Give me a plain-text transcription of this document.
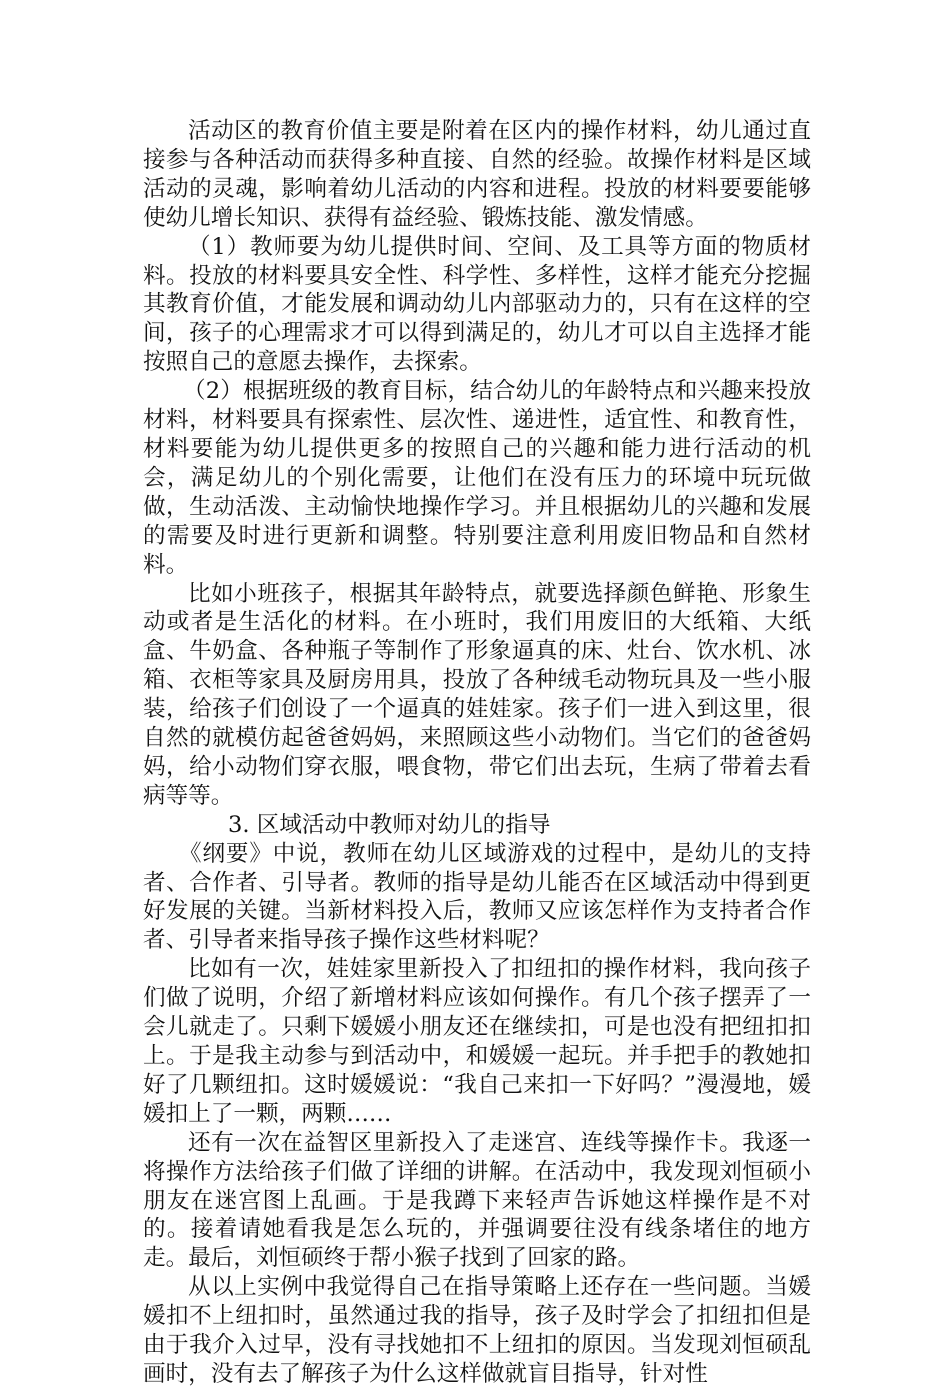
活动区的教育价值主要是附着在区内的操作材料，幼儿通过直接参与各种活动而获得多种直接、自然的经验。故操作材料是区域活动的灵魂，影响着幼儿活动的内容和进程。投放的材料要要能够使幼儿增长知识、获得有益经验、锻炼技能、激发情感。

（1）教师要为幼儿提供时间、空间、及工具等方面的物质材料。投放的材料要具安全性、科学性、多样性，这样才能充分挖掘其教育价值，才能发展和调动幼儿内部驱动力的，只有在这样的空间，孩子的心理需求才可以得到满足的，幼儿才可以自主选择才能按照自己的意愿去操作，去探索。

（2）根据班级的教育目标，结合幼儿的年龄特点和兴趣来投放材料，材料要具有探索性、层次性、递进性，适宜性、和教育性，材料要能为幼儿提供更多的按照自己的兴趣和能力进行活动的机会，满足幼儿的个别化需要，让他们在没有压力的环境中玩玩做做，生动活泼、主动愉快地操作学习。并且根据幼儿的兴趣和发展的需要及时进行更新和调整。特别要注意利用废旧物品和自然材料。

比如小班孩子，根据其年龄特点，就要选择颜色鲜艳、形象生动或者是生活化的材料。在小班时，我们用废旧的大纸箱、大纸盒、牛奶盒、各种瓶子等制作了形象逼真的床、灶台、饮水机、冰箱、衣柜等家具及厨房用具，投放了各种绒毛动物玩具及一些小服装，给孩子们创设了一个逼真的娃娃家。孩子们一进入到这里，很自然的就模仿起爸爸妈妈，来照顾这些小动物们。当它们的爸爸妈妈，给小动物们穿衣服，喂食物，带它们出去玩，生病了带着去看病等等。

3. 区域活动中教师对幼儿的指导

《纲要》中说，教师在幼儿区域游戏的过程中，是幼儿的支持者、合作者、引导者。教师的指导是幼儿能否在区域活动中得到更好发展的关键。当新材料投入后，教师又应该怎样作为支持者合作者、引导者来指导孩子操作这些材料呢？

比如有一次，娃娃家里新投入了扣纽扣的操作材料，我向孩子们做了说明，介绍了新增材料应该如何操作。有几个孩子摆弄了一会儿就走了。只剩下媛媛小朋友还在继续扣，可是也没有把纽扣扣上。于是我主动参与到活动中，和媛媛一起玩。并手把手的教她扣好了几颗纽扣。这时媛媛说：“我自己来扣一下好吗？”漫漫地，媛媛扣上了一颗，两颗……

还有一次在益智区里新投入了走迷宫、连线等操作卡。我逐一将操作方法给孩子们做了详细的讲解。在活动中，我发现刘恒硕小朋友在迷宫图上乱画。于是我蹲下来轻声告诉她这样操作是不对的。接着请她看我是怎么玩的，并强调要往没有线条堵住的地方走。最后，刘恒硕终于帮小猴子找到了回家的路。

从以上实例中我觉得自己在指导策略上还存在一些问题。当媛媛扣不上纽扣时，虽然通过我的指导，孩子及时学会了扣纽扣但是由于我介入过早，没有寻找她扣不上纽扣的原因。当发现刘恒硕乱画时，没有去了解孩子为什么这样做就盲目指导，针对性
